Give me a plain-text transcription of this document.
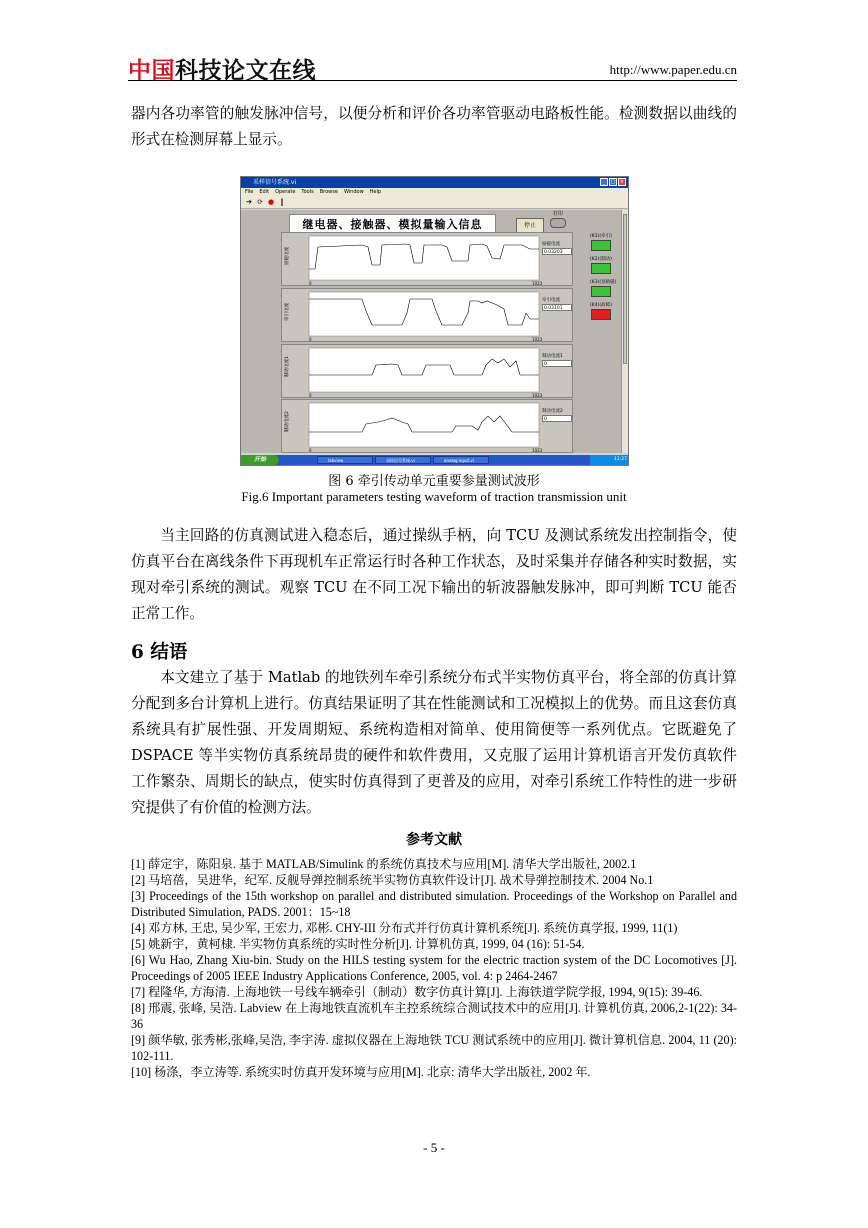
中国科技论文在线	http://www.paper.edu.cn
器内各功率管的触发脉冲信号，以便分析和评价各功率管驱动电路板性能。检测数据以曲线的形式在检测屏幕上显示。
采样信号系统.vi	_	□ ×
File Edit Operate Tools Browse Window Help
➔ ⟳ ● ‖
继电器、接触器、模拟量输入信息	停止
打印
励磁电流
0	1023
励磁电流
0.03203
牵引电流
0	1023
牵引电流
0.03101
制动电流1
0	1023
制动电流1
0
制动电流2
0	1023
制动电流2
0
(K1)(牵引)
(K2)(制动)
(K3)(预励磁)
(K4)(故障)
开始	labview	采样信号系统.vi	analog input.vi	11:27
图 6 牵引传动单元重要参量测试波形
Fig.6 Important parameters testing waveform of traction transmission unit
当主回路的仿真测试进入稳态后，通过操纵手柄，向 TCU 及测试系统发出控制指令，使仿真平台在离线条件下再现机车正常运行时各种工作状态，及时采集并存储各种实时数据，实现对牵引系统的测试。观察 TCU 在不同工况下输出的斩波器触发脉冲，即可判断 TCU 能否正常工作。
6 结语
本文建立了基于 Matlab 的地铁列车牵引系统分布式半实物仿真平台，将全部的仿真计算分配到多台计算机上进行。仿真结果证明了其在性能测试和工况模拟上的优势。而且这套仿真系统具有扩展性强、开发周期短、系统构造相对简单、使用简便等一系列优点。它既避免了 DSPACE 等半实物仿真系统昂贵的硬件和软件费用，又克服了运用计算机语言开发仿真软件工作繁杂、周期长的缺点，使实时仿真得到了更普及的应用，对牵引系统工作特性的进一步研究提供了有价值的检测方法。
参考文献

[1] 薛定宇，陈阳泉. 基于 MATLAB/Simulink 的系统仿真技术与应用[M]. 清华大学出版社, 2002.1

[2] 马培蓓，吴进华，纪军. 反舰导弹控制系统半实物仿真软件设计[J]. 战术导弹控制技术. 2004 No.1

[3] Proceedings of the 15th workshop on parallel and distributed simulation. Proceedings of the Workshop on Parallel and Distributed Simulation, PADS. 2001：15~18

[4] 邓方林, 王忠, 吴少军, 王宏力, 邓彬. CHY-III 分布式并行仿真计算机系统[J]. 系统仿真学报, 1999, 11(1)

[5] 姚新宇，黄柯棣. 半实物仿真系统的实时性分析[J]. 计算机仿真, 1999, 04 (16): 51-54.

[6] Wu Hao, Zhang Xiu-bin. Study on the HILS testing system for the electric traction system of the DC Locomotives [J]. Proceedings of 2005 IEEE Industry Applications Conference, 2005, vol. 4: p 2464-2467

[7] 程隆华, 方海清. 上海地铁一号线车辆牵引（制动）数字仿真计算[J]. 上海铁道学院学报, 1994, 9(15): 39-46.

[8] 邢震, 张峰, 吴浩. Labview 在上海地铁直流机车主控系统综合测试技术中的应用[J]. 计算机仿真, 2006,2-1(22): 34-36

[9] 颜华敏, 张秀彬,张峰,吴浩, 李宇涛. 虚拟仪器在上海地铁 TCU 测试系统中的应用[J]. 微计算机信息. 2004, 11 (20): 102-111.

[10] 杨涤，李立涛等. 系统实时仿真开发环境与应用[M]. 北京: 清华大学出版社, 2002 年.

- 5 -
